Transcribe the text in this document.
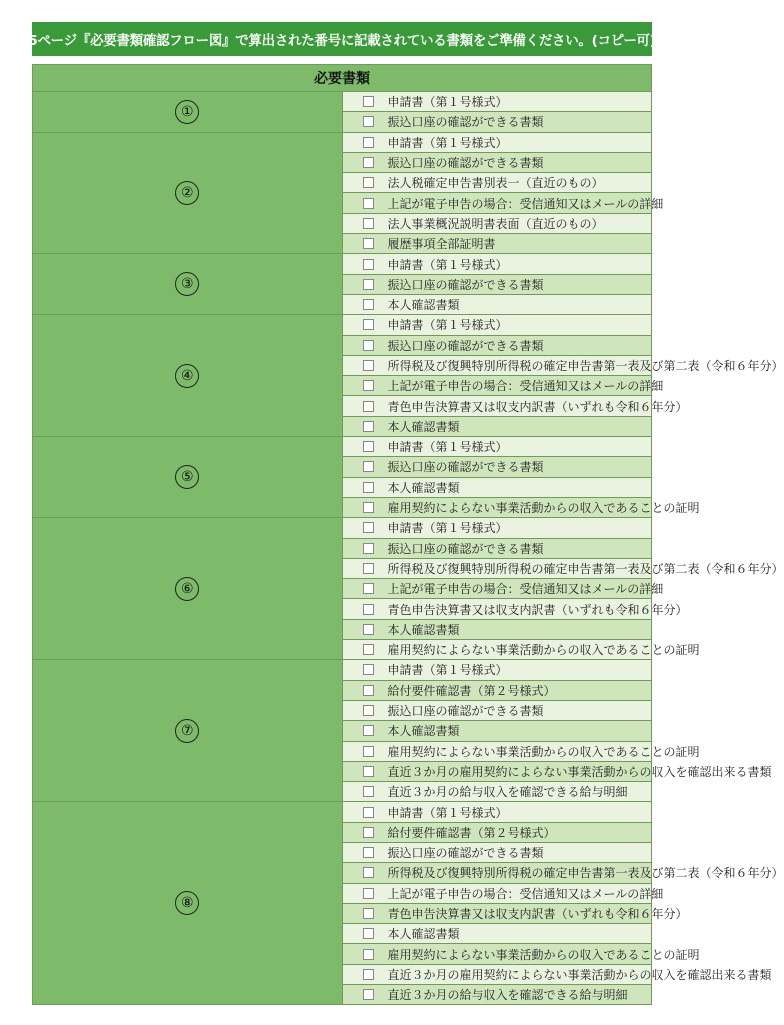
5ページ『必要書類確認フロー図』で算出された番号に記載されている書類をご準備ください。(コピー可)
必要書類	
①	申請書（第１号様式）
	振込口座の確認ができる書類
②	申請書（第１号様式）
	振込口座の確認ができる書類
	法人税確定申告書別表一（直近のもの）
	上記が電子申告の場合：受信通知又はメールの詳細
	法人事業概況説明書表面（直近のもの）
	履歴事項全部証明書
③	申請書（第１号様式）
	振込口座の確認ができる書類
	本人確認書類
④	申請書（第１号様式）
	振込口座の確認ができる書類
	所得税及び復興特別所得税の確定申告書第一表及び第二表（令和６年分）
	上記が電子申告の場合：受信通知又はメールの詳細
	青色申告決算書又は収支内訳書（いずれも令和６年分）
	本人確認書類
⑤	申請書（第１号様式）
	振込口座の確認ができる書類
	本人確認書類
	雇用契約によらない事業活動からの収入であることの証明
⑥	申請書（第１号様式）
	振込口座の確認ができる書類
	所得税及び復興特別所得税の確定申告書第一表及び第二表（令和６年分）
	上記が電子申告の場合：受信通知又はメールの詳細
	青色申告決算書又は収支内訳書（いずれも令和６年分）
	本人確認書類
	雇用契約によらない事業活動からの収入であることの証明
⑦	申請書（第１号様式）
	給付要件確認書（第２号様式）
	振込口座の確認ができる書類
	本人確認書類
	雇用契約によらない事業活動からの収入であることの証明
	直近３か月の雇用契約によらない事業活動からの収入を確認出来る書類
	直近３か月の給与収入を確認できる給与明細
⑧	申請書（第１号様式）
	給付要件確認書（第２号様式）
	振込口座の確認ができる書類
	所得税及び復興特別所得税の確定申告書第一表及び第二表（令和６年分）
	上記が電子申告の場合：受信通知又はメールの詳細
	青色申告決算書又は収支内訳書（いずれも令和６年分）
	本人確認書類
	雇用契約によらない事業活動からの収入であることの証明
	直近３か月の雇用契約によらない事業活動からの収入を確認出来る書類
	直近３か月の給与収入を確認できる給与明細
